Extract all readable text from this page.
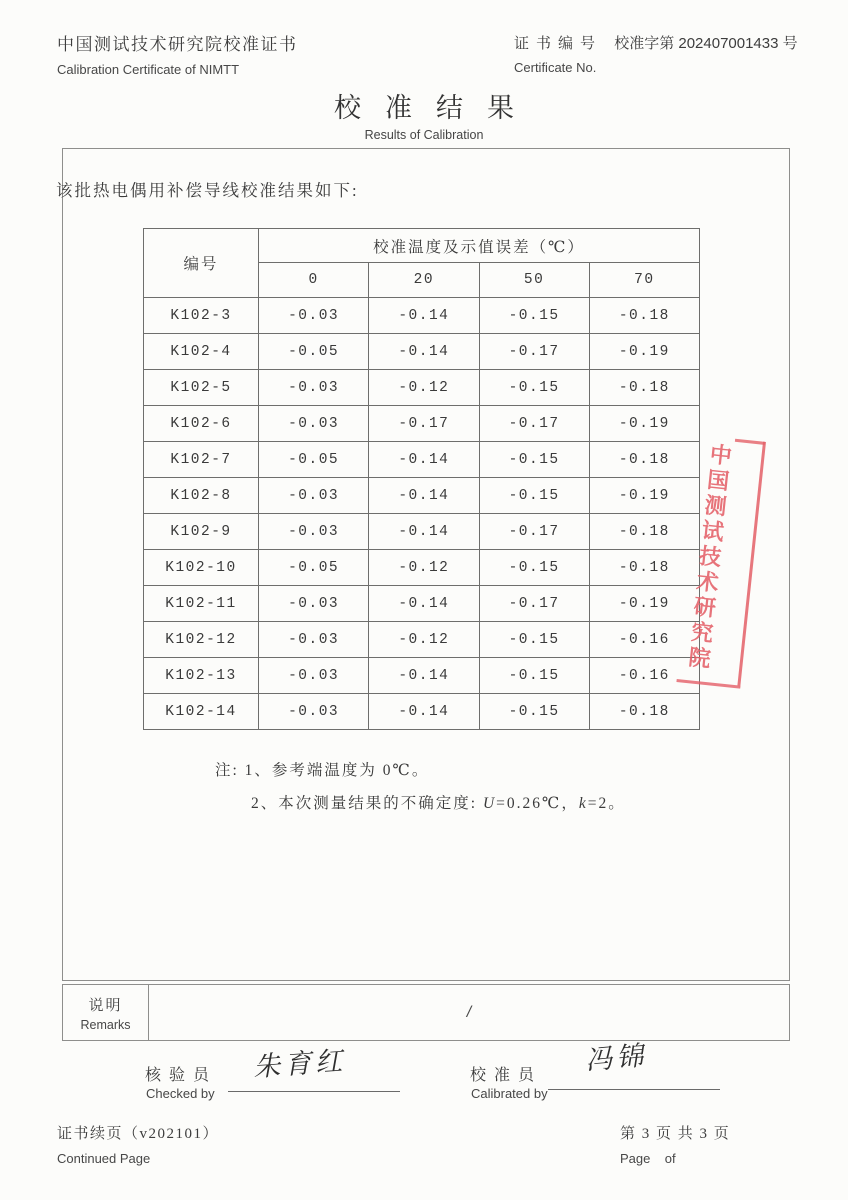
中国测试技术研究院校准证书
Calibration Certificate of NIMTT
证书编号 校准字第 202407001433 号
Certificate No.
校准结果
Results of Calibration
该批热电偶用补偿导线校准结果如下:
编号	校准温度及示值误差（℃）			
	0	20	50	70
K102-3	-0.03	-0.14	-0.15	-0.18
K102-4	-0.05	-0.14	-0.17	-0.19
K102-5	-0.03	-0.12	-0.15	-0.18
K102-6	-0.03	-0.17	-0.17	-0.19
K102-7	-0.05	-0.14	-0.15	-0.18
K102-8	-0.03	-0.14	-0.15	-0.19
K102-9	-0.03	-0.14	-0.17	-0.18
K102-10	-0.05	-0.12	-0.15	-0.18
K102-11	-0.03	-0.14	-0.17	-0.19
K102-12	-0.03	-0.12	-0.15	-0.16
K102-13	-0.03	-0.14	-0.15	-0.16
K102-14	-0.03	-0.14	-0.15	-0.18
注: 1、参考端温度为 0℃。
2、本次测量结果的不确定度: U=0.26℃，k=2。
中国测试技术研究院
说明
Remarks
/
核验员
Checked by
朱育红	校准员
Calibrated by
冯锦
证书续页（v202101）
Continued Page
第 3 页 共 3 页
Page    of
